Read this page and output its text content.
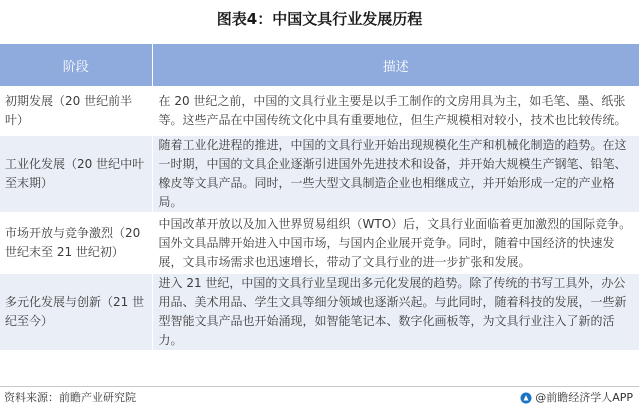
图表4：中国文具行业发展历程
阶段	描述
初期发展（20 世纪前半叶）	在 20 世纪之前，中国的文具行业主要是以手工制作的文房用具为主，如毛笔、墨、纸张等。这些产品在中国传统文化中具有重要地位，但生产规模相对较小，技术也比较传统。
工业化发展（20 世纪中叶至末期）	随着工业化进程的推进，中国的文具行业开始出现规模化生产和机械化制造的趋势。在这一时期，中国的文具企业逐渐引进国外先进技术和设备，并开始大规模生产钢笔、铅笔、橡皮等文具产品。同时，一些大型文具制造企业也相继成立，并开始形成一定的产业格局。
市场开放与竞争激烈（20 世纪末至 21 世纪初）	中国改革开放以及加入世界贸易组织（WTO）后，文具行业面临着更加激烈的国际竞争。国外文具品牌开始进入中国市场，与国内企业展开竞争。同时，随着中国经济的快速发展，文具市场需求也迅速增长，带动了文具行业的进一步扩张和发展。
多元化发展与创新（21 世纪至今）	进入 21 世纪，中国的文具行业呈现出多元化发展的趋势。除了传统的书写工具外，办公用品、美术用品、学生文具等细分领域也逐渐兴起。与此同时，随着科技的发展，一些新型智能文具产品也开始涌现，如智能笔记本、数字化画板等，为文具行业注入了新的活力。
资料来源：前瞻产业研究院	@前瞻经济学人APP
